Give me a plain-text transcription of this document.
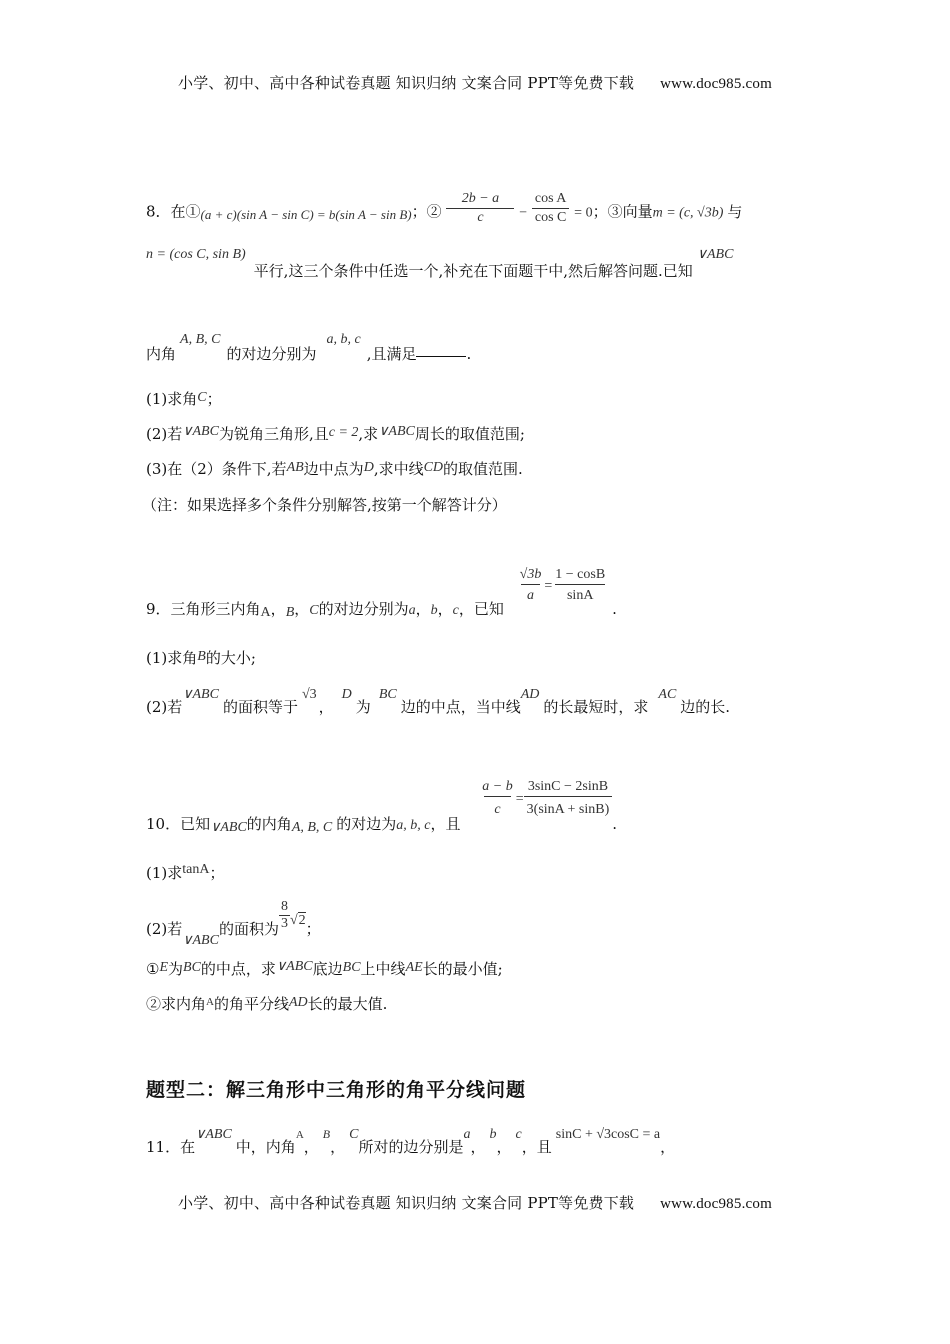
小学、初中、高中各种试卷真题 知识归纳 文案合同 PPT等免费下载 www.doc985.com
8．在①(a + c)(sin A − sin C) = b(sin A − sin B)；② $\frac{2b - a}{c} - \frac{\text{cos A}}{\text{cos C}} = 0$；③向量m = (c, √3b) 与
n = (cos C, sin B)平行,这三个条件中任选一个,补充在下面题干中,然后解答问题.已知∨ABC
内角A, B, C的对边分别为a, b, c,且满足	.
(1)求角C；
(2)若∨ABC为锐角三角形,且c = 2,求∨ABC周长的取值范围;
(3)在（2）条件下,若AB边中点为D,求中线CD的取值范围.
（注：如果选择多个条件分别解答,按第一个解答计分）
9．三角形三内角A，B，C的对边分别为a，b，c，已知
$\frac{√3b}{a} = \frac{1 - \cos B}{\sin A}$
.
(1)求角B的大小;
(2)若∨ABC的面积等于√3，D为BC边的中点，当中线AD的长最短时，求AC边的长.
10．已知∨ABC的内角A, B, C 的对边为a, b, c，且
$\frac{a - b}{c} = \frac{3\sin C - 2\sin B}{3(\sin A + \sin B)}$
.
(1)求tanA；
(2)若∨ABC的面积为 $\frac{8}{3} √2$；
①E为BC的中点，求∨ABC底边BC上中线AE长的最小值;
②求内角$^A$的角平分线AD长的最大值.
题型二：解三角形中三角形的角平分线问题
11．在∨ABC中，内角A，B，C所对的边分别是a，b，c，且sinC + √3cosC = a，
小学、初中、高中各种试卷真题 知识归纳 文案合同 PPT等免费下载 www.doc985.com
